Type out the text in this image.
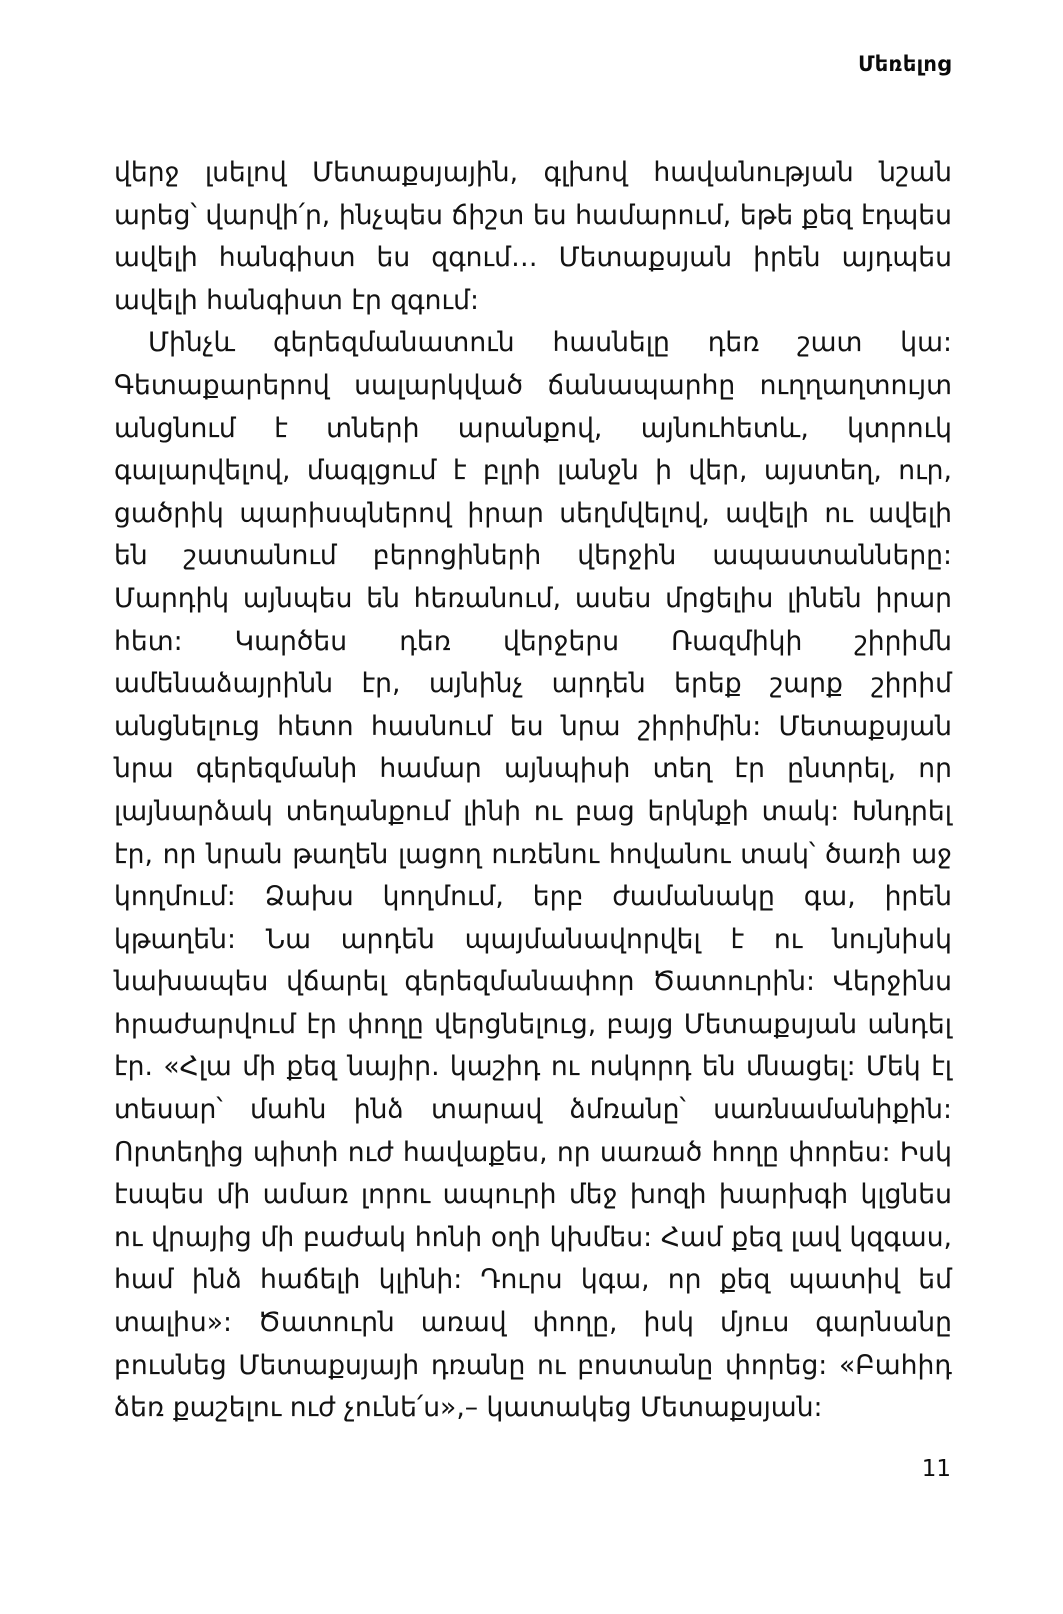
Մեռելոց

վերջ լսելով Մետաքսյային, գլխով հավանության նշան արեց՝ վարվի՛ր, ինչպես ճիշտ ես համարում, եթե քեզ էդպես ավելի հանգիստ ես զգում… Մետաքսյան իրեն այդպես ավելի հանգիստ էր զգում:

Մինչև գերեզմանատուն հասնելը դեռ շատ կա: Գետաքարերով սալարկված ճանապարհը ուղղաղտույտ անցնում է տների արանքով, այնուհետև, կտրուկ գալարվելով, մագլցում է բլրի լանջն ի վեր, այստեղ, ուր, ցածրիկ պարիսպներով իրար սեղմվելով, ավելի ու ավելի են շատանում բերոցիների վերջին ապաստանները: Մարդիկ այնպես են հեռանում, ասես մրցելիս լինեն իրար հետ: Կարծես դեռ վերջերս Ռազմիկի շիրիմն ամենաձայրինն էր, այնինչ արդեն երեք շարք շիրիմ անցնելուց հետո հասնում ես նրա շիրիմին: Մետաքսյան նրա գերեզմանի համար այնպիսի տեղ էր ընտրել, որ լայնարձակ տեղանքում լինի ու բաց երկնքի տակ: Խնդրել էր, որ նրան թաղեն լացող ուռենու հովանու տակ՝ ծառի աջ կողմում: Ձախս կողմում, երբ ժամանակը գա, իրեն կթաղեն: Նա արդեն պայմանավորվել է ու նույնիսկ նախապես վճարել գերեզմանափոր Ծատուրին: Վերջինս հրաժարվում էր փողը վերցնելուց, բայց Մետաքսյան անդել էր. «Հլա մի քեզ նայիր. կաշիդ ու ոսկորդ են մնացել: Մեկ էլ տեսար՝ մահն ինձ տարավ ձմռանը՝ սառնամանիքին: Որտեղից պիտի ուժ հավաքես, որ սառած հողը փորես: Իսկ էսպես մի ամառ լորու ապուրի մեջ խոզի խարխգի կլցնես ու վրայից մի բաժակ հոնի օղի կխմես: Համ քեզ լավ կզգաս, համ ինձ հաճելի կլինի: Դուրս կգա, որ քեզ պատիվ եմ տալիս»: Ծատուրն առավ փողը, իսկ մյուս գարնանը բուսնեց Մետաքսյայի դռանը ու բոստանը փորեց: «Բահիդ ձեռ քաշելու ուժ չունե՛ս»,– կատակեց Մետաքսյան:

11
